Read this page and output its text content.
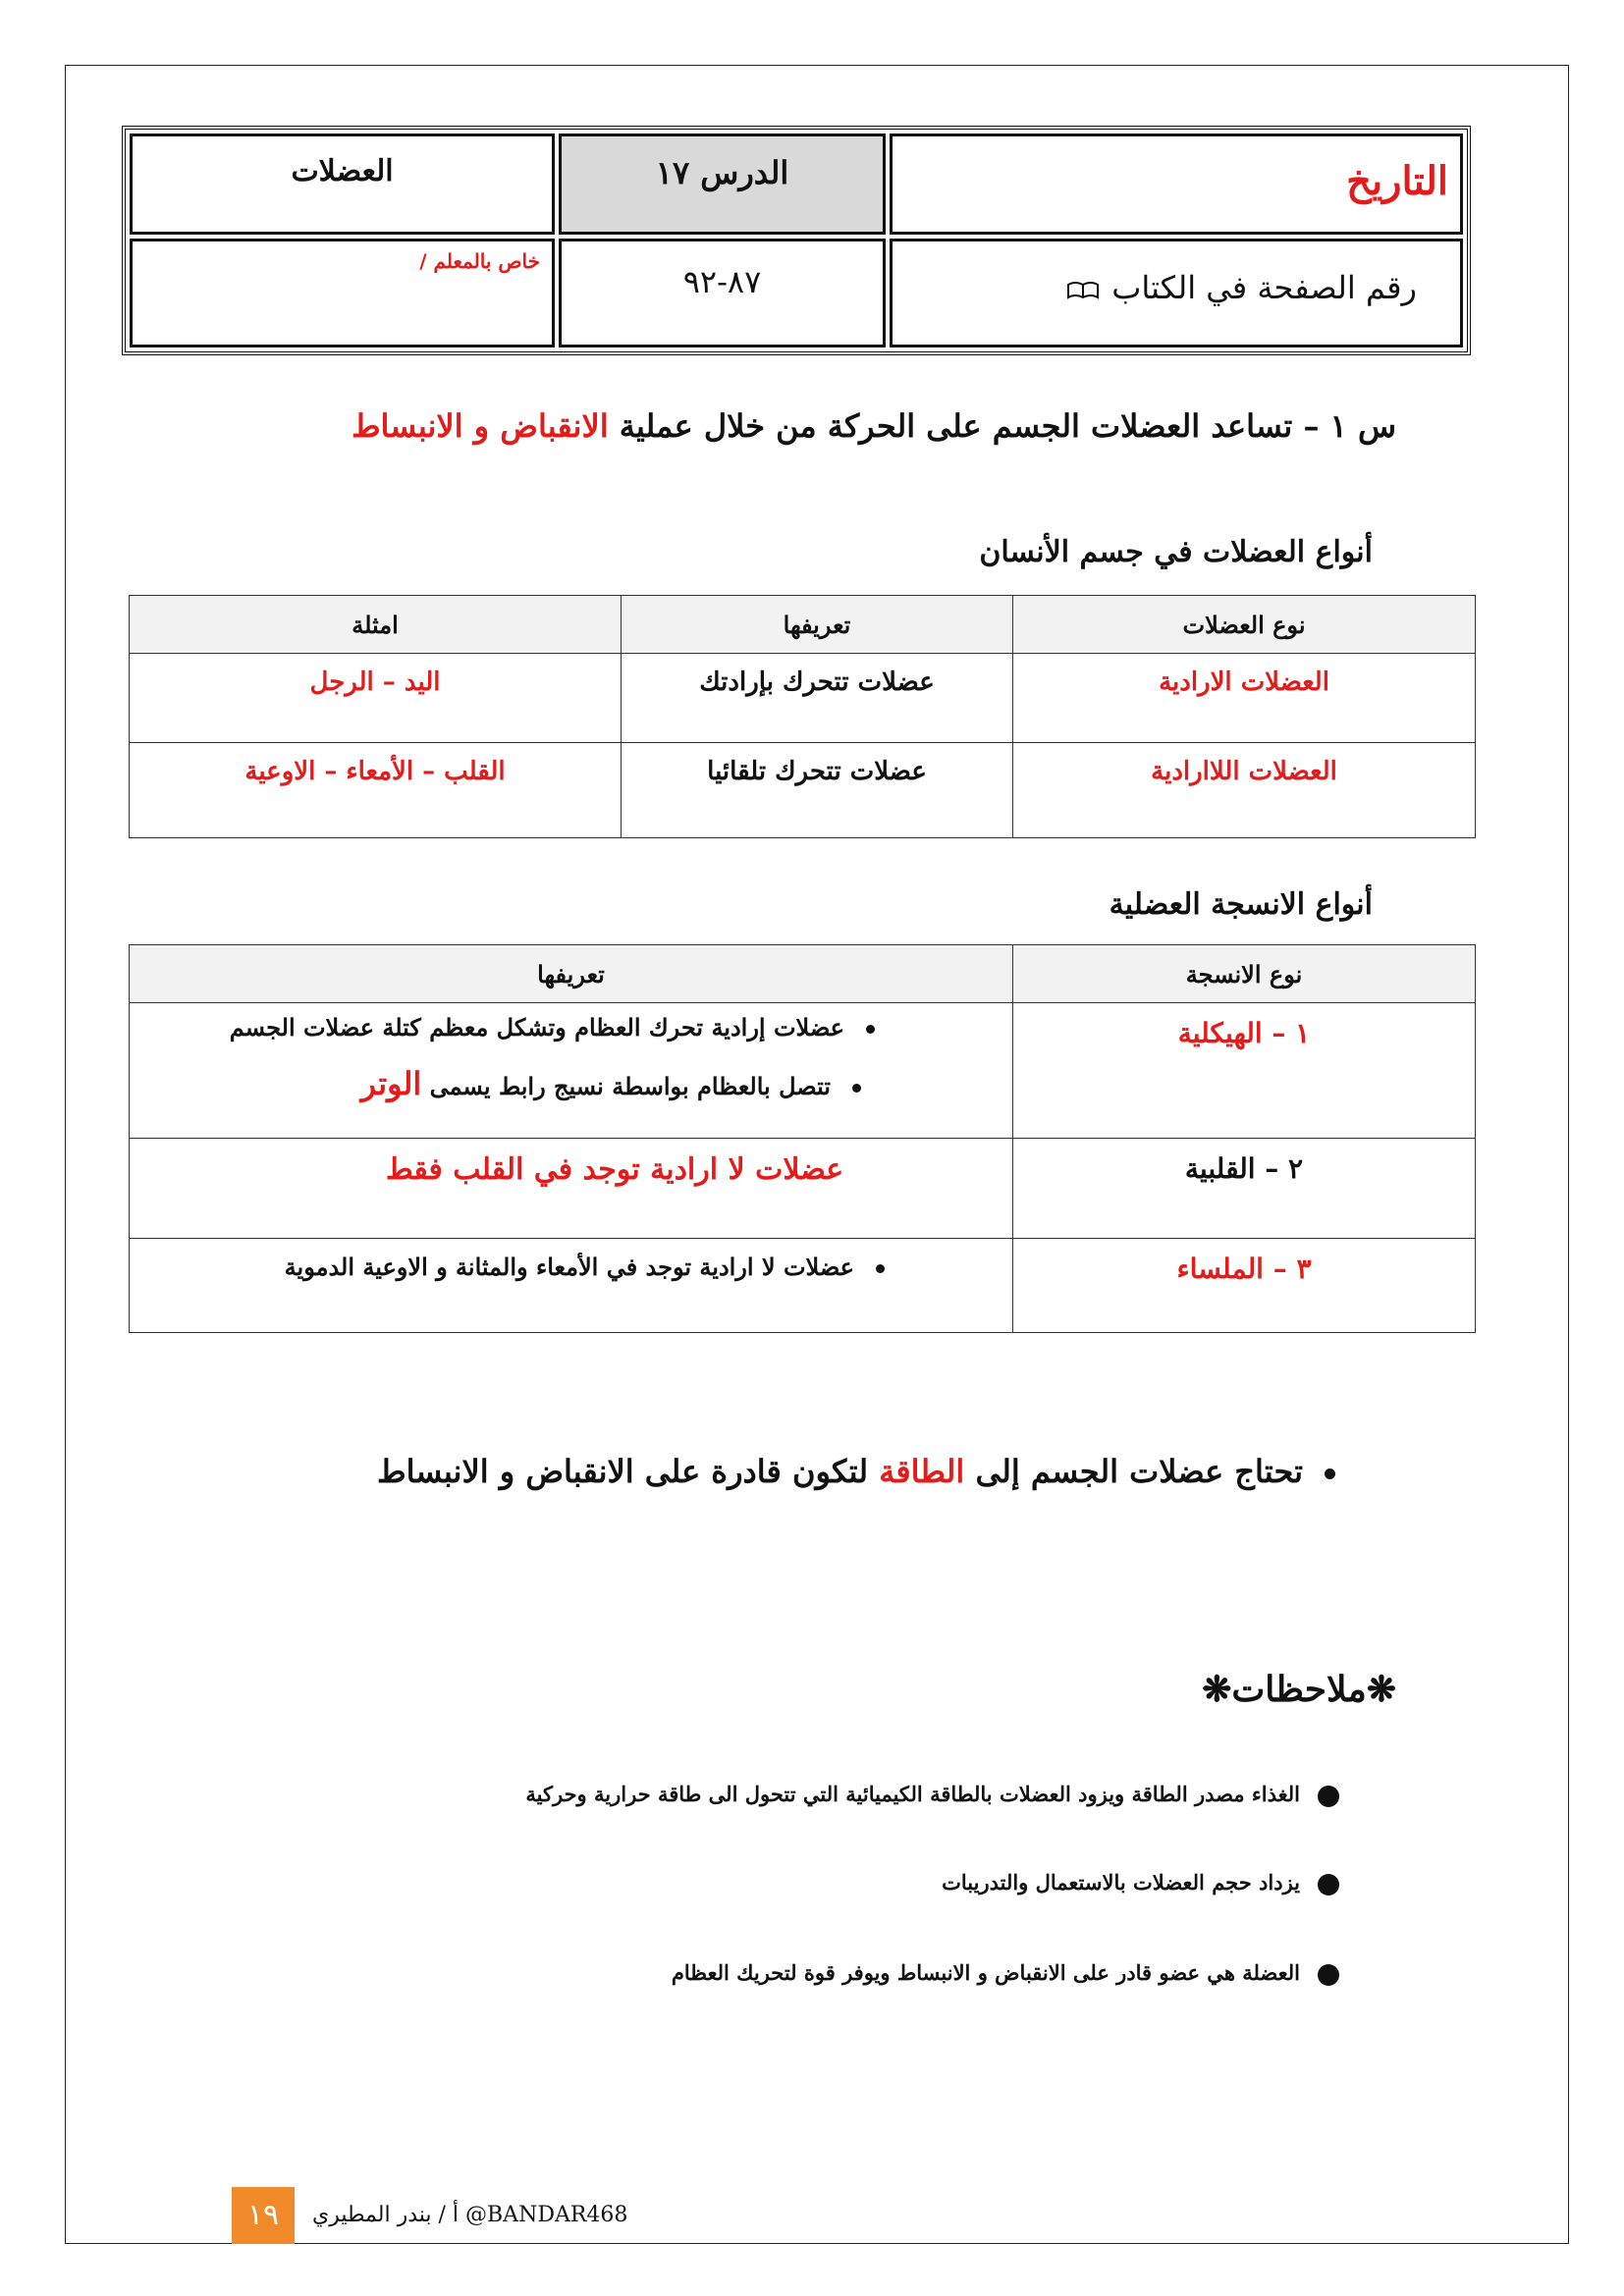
التاريخ	الدرس ١٧	العضلات

رقم الصفحة في الكتاب	٨٧-٩٢	خاص بالمعلم /
س ١ – تساعد العضلات الجسم على الحركة من خلال عملية الانقباض و الانبساط
أنواع العضلات في جسم الأنسان
نوع العضلات	تعريفها	امثلة
العضلات الارادية	عضلات تتحرك بإرادتك	اليد – الرجل
العضلات اللاارادية	عضلات تتحرك تلقائيا	القلب – الأمعاء – الاوعية
أنواع الانسجة العضلية
نوع الانسجة	تعريفها
١ – الهيكلية	عضلات إرادية تحرك العظام وتشكل معظم كتلة عضلات الجسم
تتصل بالعظام بواسطة نسيج رابط يسمى الوتر

٢ – القلبية	عضلات لا ارادية توجد في القلب فقط
٣ – الملساء	عضلات لا ارادية توجد في الأمعاء والمثانة و الاوعية الدموية
تحتاج عضلات الجسم إلى الطاقة لتكون قادرة على الانقباض و الانبساط
❋ملاحظات❋
الغذاء مصدر الطاقة ويزود العضلات بالطاقة الكيميائية التي تتحول الى طاقة حرارية وحركية
يزداد حجم العضلات بالاستعمال والتدريبات
العضلة هي عضو قادر على الانقباض و الانبساط ويوفر قوة لتحريك العظام
١٩	أ / بندر المطيري @BANDAR468
